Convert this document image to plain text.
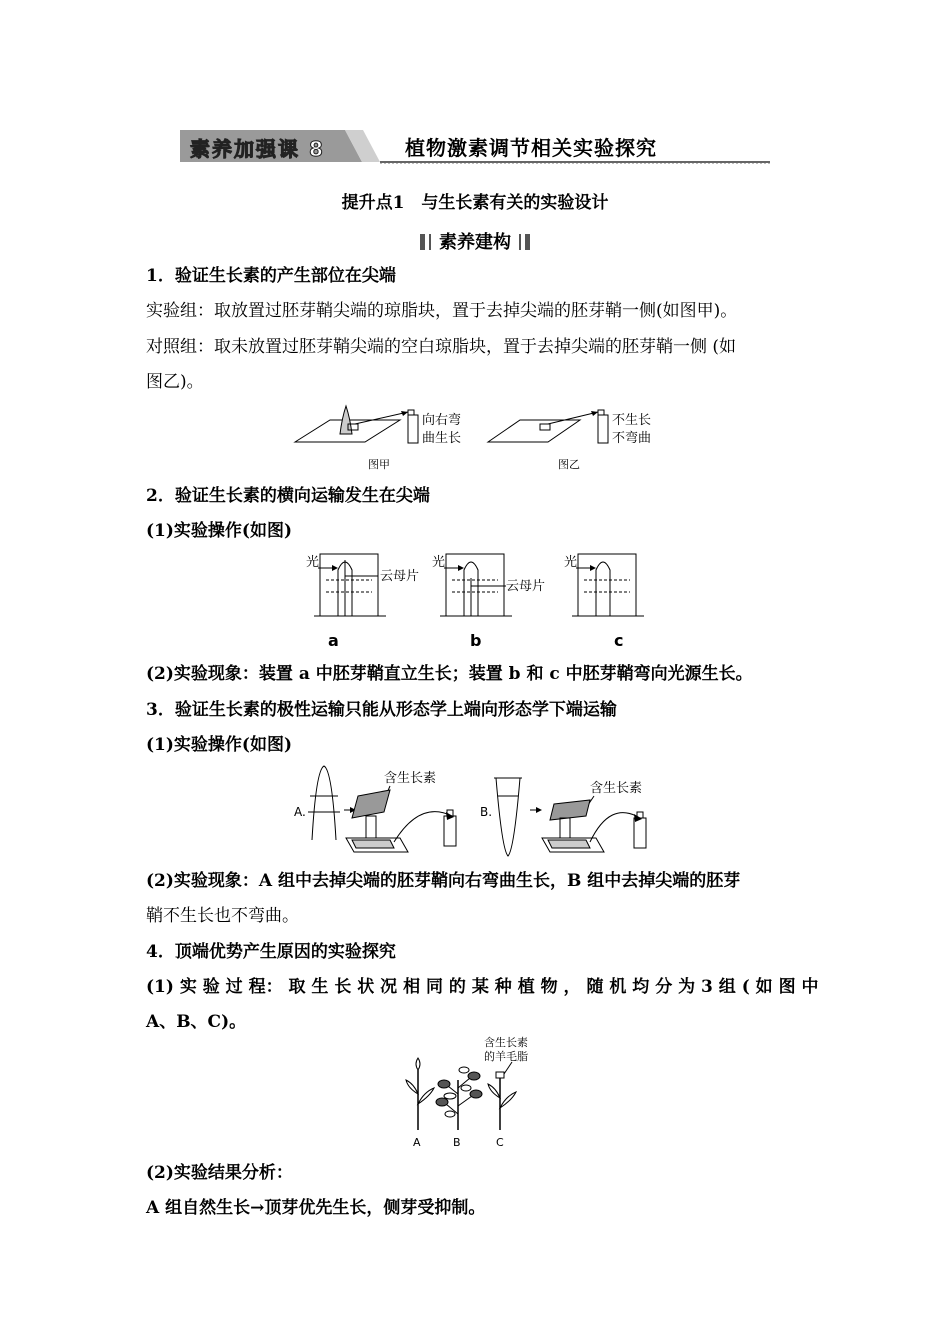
素养加强课 8	植物激素调节相关实验探究
提升点1　与生长素有关的实验设计
素养建构
1．验证生长素的产生部位在尖端
实验组：取放置过胚芽鞘尖端的琼脂块，置于去掉尖端的胚芽鞘一侧(如图甲)。
对照组：取未放置过胚芽鞘尖端的空白琼脂块，置于去掉尖端的胚芽鞘一侧 (如
图乙)。
向右弯
曲生长
图甲
不生长
不弯曲
图乙
2．验证生长素的横向运输发生在尖端
(1)实验操作(如图)
光
云母片
a
光
云母片
b
光
c
(2)实验现象：装置 a 中胚芽鞘直立生长；装置 b 和 c 中胚芽鞘弯向光源生长。
3．验证生长素的极性运输只能从形态学上端向形态学下端运输
(1)实验操作(如图)
A.
含生长素
B.
含生长素
(2)实验现象：A 组中去掉尖端的胚芽鞘向右弯曲生长，B 组中去掉尖端的胚芽
鞘不生长也不弯曲。
4．顶端优势产生原因的实验探究
(1) 实 验 过 程： 取 生 长 状 况 相 同 的 某 种 植 物 ， 随 机 均 分 为 3 组 ( 如 图 中
A、B、C)。
A	B
含生长素
的羊毛脂
C
(2)实验结果分析：
A 组自然生长→顶芽优先生长，侧芽受抑制。
